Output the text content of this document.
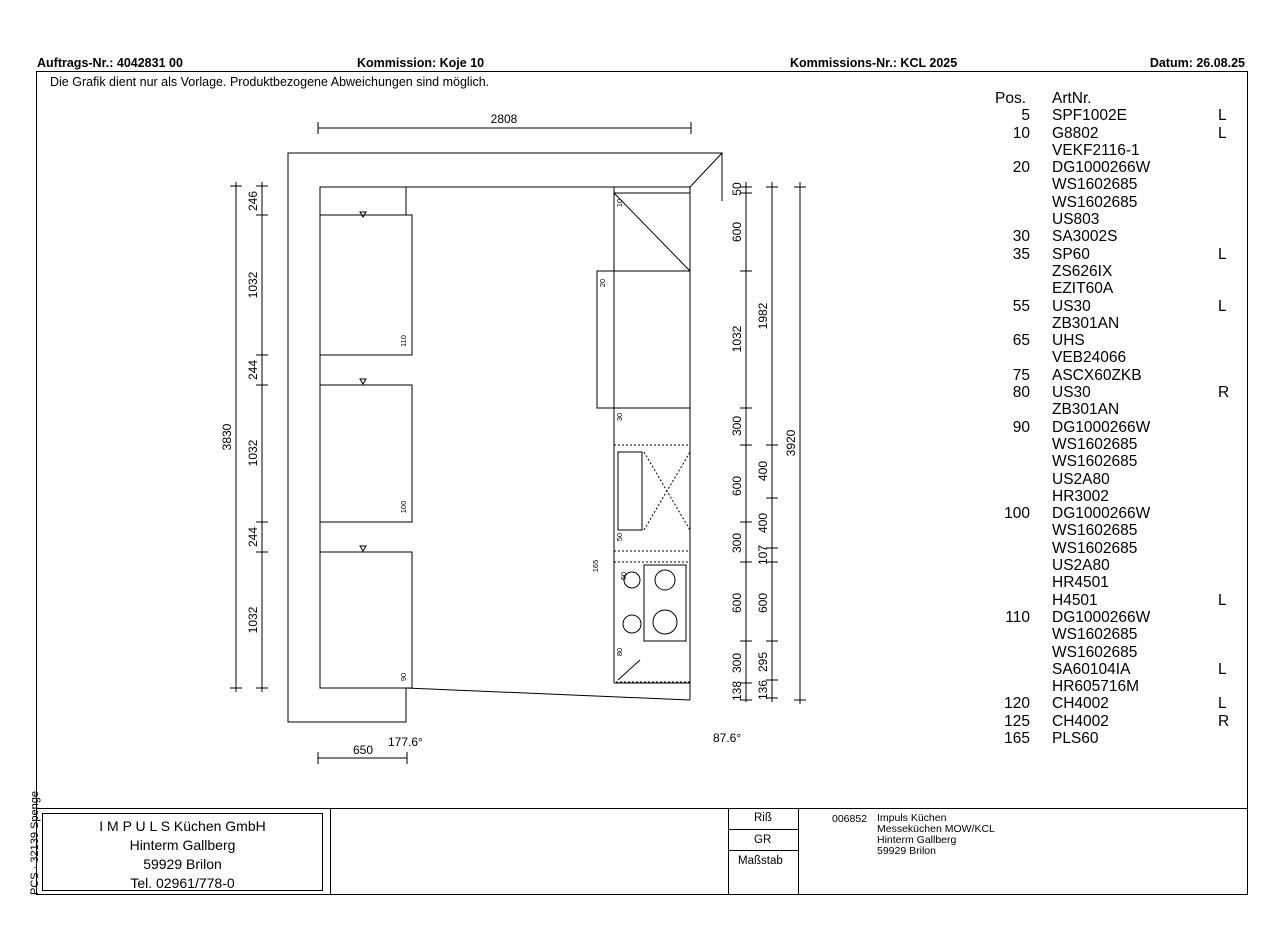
Auftrags-Nr.: 4042831 00	Kommission: Koje 10	Kommissions-Nr.: KCL 2025	Datum: 26.08.25
Die Grafik dient nur als Vorlage. Produktbezogene Abweichungen sind möglich.
PCS · 32139 Spenge
2808
3830
246
1032
244
1032
244
1032
50
600
1032
300
600
300
600
300
138
1982
400
400
107
600
295
136
3920
650
177.6°	87.6°
110
100
90
10
20
30
165
50
60
80
Pos. ArtNr.
5 SPF1002E	L
10 G8802	L
VEKF2116-1
20 DG1000266W
WS1602685
WS1602685
US803
30 SA3002S
35 SP60	L
ZS626IX
EZIT60A
55 US30	L
ZB301AN
65 UHS
VEB24066
75 ASCX60ZKB
80 US30	R
ZB301AN
90 DG1000266W
WS1602685
WS1602685
US2A80
HR3002
100 DG1000266W
WS1602685
WS1602685
US2A80
HR4501
H4501	L
110 DG1000266W
WS1602685
WS1602685
SA60104IA	L
HR605716M
120 CH4002	L
125 CH4002	R
165 PLS60
I M P U L S Küchen GmbH
Hinterm Gallberg
59929 Brilon
Tel. 02961/778-0
Riß
GR
Maßstab
006852 Impuls Küchen
Messeküchen MOW/KCL
Hinterm Gallberg
59929 Brilon
